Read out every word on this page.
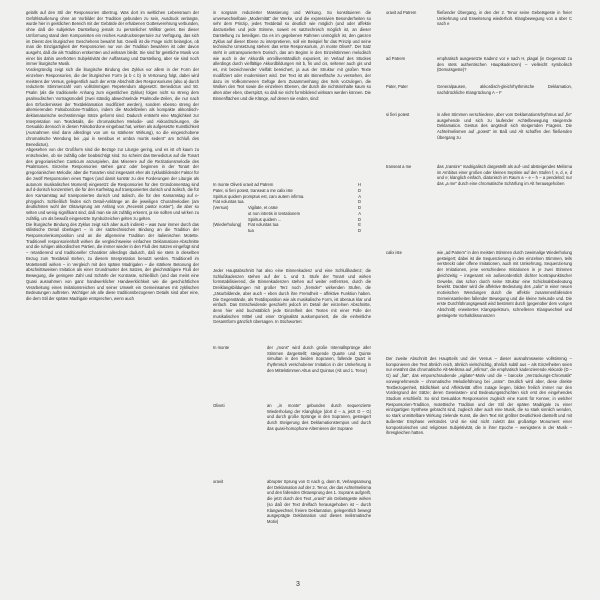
gelalls auf den Stil der Responsorien übertrug. Was dort im weltlichen Lebensraum der Gefühlsäußerung ohne an Vorbilder der Tradition gebunden zu sein, Ausdruck verlangte, wurde hier in geistlichen Bereich mit der Gebärde der erhabenen Gottesverehrung verbunden, ohne daß die subjektive Darstellung jemals zu persönlicher Willkür geriet. Bei dieser Umformung stand dem Komponisten ein reiches Ausdrucksrepertoire zur Verfügung, das sich im Dienst des liturgischen Geschehens bewahrt hat. Gewiß ist die Frage nicht belanglos, ob man die Einzigartigkeit der Responsorien nur von der Tradition bewahren ist oder davon ausgeht, daß die als Tradition entkernten und wirksam bleibt. Sie sind für geistliche Musik von einer bis dahin unerhörten Subjektivität der Auffassung und Darstellung, aber sie sind noch immer liturgische Musik.

Vordergründig zeigt sich die liturgische Bindung des Zyklus vor allem in der Form der einzelnen Responsorien, die der liturgischen Form (a b c b) in Vertonung folgt, dabei wird meistens der Versus, gelegentlich auch der erste Abschnitt des Responsoriums (also a) durch reduzierte Stimmenzahl vom vollstimmigen Repetendum abgesetzt. Benedictus und 50. Psalm (als die traditionelle Anhang zum eigentlichen Zyklus) folgen nicht so streng dem psalmodischen Vortragsmodell (zwei ständig abwechselnde Psalmodie-Zeilen, die nur nach den Erfordernissen der Textdeklamation modifiziert werden), sondern ebenso streng der alternierenden Falsobordone-Tradition, indem die Modellzeilen als kompakte akkordisch-deklamatorische sechsstimmige Sätze geformt sind. Dadurch entsteht eine Möglichkeit zur Interpretation von Textdetails, die chromatischen Melodie- und Akkordrückungen, die Gesualdo dennoch in diesen Falsobordone eingebaut hat, wirken als aufgesetzte Kunstlichkeit (Ausnahmen sind dann allerdings von um so stärkerer Wirkung), so die eingeschobene chromatische Wendung bei „qui in sensibus et umbra mortis sedent" am Schluß des Benedictus).

Abgesehen von der Großform sind die Bezüge zur Liturgie gering, und es ist oft kaum zu entscheiden, ob sie zufällig oder beabsichtigt sind. So scheint das Benedictus auf die Tonart des gregorianischen Canticum anzuspielen, das Miserere auf die Rezitationsmelodie des Psalmtones. Einzelne Responsorien stehen ganz oder beginnen in der Tonart der gregorianischen Melodie; aber die Tonarten sind insgesamt eher als zyklusbildender Faktor für die zwölf Responsorien eines Tages (und damit konträr zu den Forderungen der Liturgie als autonom musikalisches Moment) eingesetzt: die Responsorien für den Gründonnerstag sind auf d-dorisch konzentriert, die für den Karfreitag auf transponiertes dorisch und äolisch, die für den Karsamstag auf transponiertes dorisch und äolisch, die für den Karsamstag auf e-phrygisch. Schließlich finden sich Detail-Anklänge an die jeweiligen Choralmelodien (am deutlichsten wohl der Oktavsprung am Anfang von „Recessit pastor noster"), die aber so selten und wenig signifikant sind, daß man sie als zufällig erkennt, ja sie sollten und wirken zu zufällig, um als bewußt eingesetzte Symbolzeichen gelten zu gelten.

Die liturgische Bindung des Zyklus zeigt sich aber auch indirekt – was zwar immer durch das stilistische Detail überlagert – in der satztechnischen Bindung an die Tradition der Responsorienkomposition und an die allgemeine Tradition der italienischen Motette. Traditionell responsorienhaft wirken die vergleichsweise einfachen Deklamations-Abschnitte und die ruhigen akkordischen Partien, die immer wieder in den Fluß des Satzes eingefügt sind – retardierend und traditioneller Charakter allerdings dadurch, daß sie stets in dieselben Bezug zum Textdetail stehen, zu diesem Interpretation benutzt werden. Traditionell im Motettenstil wirken – in Vergleich mit den späten Madrigalen – die stärkere Betonung der abschnittsweisen Imitation als einer Grundmuster des Satzes, der gleichmäßigere Fluß der Bewegung, die geringere Zahl und Schärfe der Kontraste, schließlich (und das meint eine Quasi ausnahmen von ganz handwerklicher Handwerklichkeit wie die geschichtlichen Verarbeitung eines imitationsreichen und seiner Umwelt ein Gemeinsames mit zyklischen Bedeutungen auftreten. Wichtiger als alle diese traditionsbezogenen Details sind aber eine, die dem Stil der späten Madrigale entsprechen, wenn auch

in sorgsam reduzierter Massierung und Wirkung. So konstituieren die unverwechselbare „Modernität" der Werke, und die expressivien Besonderheiten so sehr dem Prinzip, jedes Textdetail so deutlich wie möglich (und oder affektiv darzustellen und jede Stimme, soweit es satztechnisch möglich ist, an dieser Darstellung zu beteiligen. Da es im gegebenen Rahmen unmöglich ist, den ganzen Zyklus auf dieser Ebene zu interpretieren, soll ein Beispiel für das Prinzip und seine technische Umsetzung stehen: das erste Responsorium, „In monte Oliveti". Der Satz steht in untransponiertem Dorisch, das am Beginn in den Einzelstimmen melodisch wie auch in der Akkordik unmißverständlich exponiert, im Verlauf des Stückes allerdings durch vielfältige Akkordbildungen mit b, fis und cis, seltener auch gis und es, mit bezeichnender Vielfalt bereichert, ja aus der Struktur mit großen Texte modifiziert oder modernisiert wird. Der Text ist als Binnenfläche zu verstehen, der dazu im Vollkommenen Gefüge dem Zusammenhang des Sels vorzulegen, die Wolken den Text sowie die einzelnen Ebenen, der durch die nichtsinnhalte kaum so alten aber eben, überspitzt, so daß sie nicht formbildend wirksam werden können. Die Binnenflächen und die Klänge, auf denen sie enden, sind:

In monte Oliveti oravit ad Patrem	H
Pater, si fieri potest, transeat a me calix iste	D
Spiritus quidem promptus est, caro autem infirma.	A
Fiat voluntas tua.	D
(Versus)	Vigilate, et orate	D
ut non intretis in tentationem	A
Spiritus quidem ...	D
(Wiederholung) Fiat voluntas tua	E
tua	D

Jeder Hauptabschnitt hat also eine Binnenkadenz und eine Schlußkadenz; die Schlußkadenzen stehen auf der 1. und 3. Stufe der Tonart und wirken formstabilisierend, die Binnenkadenzen stehen auf weiter entfernten, durch die Dreiklangsbildungen mit großer Terz noch „fremder" wirkenden Stufen, die „zäsurbildende, aber auch – eben durch ihre Fremdheit – affektive Funktion haben. Die Gegenstände, als Textdisposition wie als musikalische Form, ist überaus klar und einfach. Das Entscheidende geschieht jedoch im Detail der einzelnen Abschnitte, denn hier wird buchstäblich jede Einzelheit des Textes mit einer Fülle der musikalischen Mittel und einer Originalität auskomponiert, die die einheitliche Gesamtform gänzlich übersagen. In Stichworten:

In monte	der „mons" wird durch große Intervallsprünge aller Stimmen dargestellt; steigende Quarte und Quinte simultan in den beiden Sopranen, fallende Quart in rhythmisch verschobener Imitation in der Umkehrung in den Mittelstimmen Altus und Quintus (Alt und 1. Tenor)
Oliveti	an „in monte" gebunden durch sequenzierte Wiederholung der Klangfolge (dort d – a, jetzt D – G) und durch große Sprünge in den Sopranen, gesteigert durch Steigerung des Deklamationstempos und durch das quasi-homophone Alternieren der Soprane
oravit	abrupter Sprung von G nach g, dann B, Verlangsamung der Deklamation auf der 2. Tenor, der das Achtelmelisma und den fallenden Oktavsprung des 1. Soprans aufgreift, die jetzt durch den Text „oravit" als Gebetsgeste wirken (so daß der Text drelfach herausgehoben ist – durch Klangwechsel, freiere Deklamation, gelegentlich bewegt ausgeprägte Deklamation und dieses melismatische Motiv)
oravit ad Patrem	fließender Übergang, in den der 2. Tenor seine Gebetsgeste in freier Umkehrung und Erweiterung wiederholt. Klangbewegung von a über C nach e
ad Patrem	emphatisch ausgesetzte Kadenz vor e nach H, plagal (in Gegensatz zu den stets authentischen Hauptkadenzen) – vielleicht symbolisch (Demutsgeste)?
Pater, Pater	Generalpausen, akkordisch-gleichrhythmische Deklamation, nachdrückliche Klangrückung A – F
si fieri potest	in allen Stimmen verschiedene, aber vom Deklamationsrhythmus auf „fie" ausgehende und sich zu laufender Achtelbewegung steigernde Deklamation. Gestus des angstvoll sich steigernden Fragens. Die Achtelmelismen auf „potest" im Baß und Alt schaffen den fließenden Übergang zu
transeat a me	das „transire" madrigalisch dargestellt als auf- und absteigendes Melisma im Ambitus einer großen oder kleinen Septime auf den Stufen f, e, d, e, d und e; klanglich einfach, diatonisch im Raum a – e – h – a pendelnd; nur das „a me" durch eine chromatische Schärfung im Alt herausgehoben
calix iste	wie „ad Patrem" in den meisten Stimmen durch zweimalige Wiederholung gesteigert; dabei ist die Sequenzierung in den einzelnen Stimmen, teils verstreckt oder offene Imitationen, auch mit Umkehrung, Sequenzierung der Imitationen, jene verschiedene Imitationen in je zwei Stimmen gleichzeitig – insgesamt ein außerordentlich dichter kontrapunktischer Gewebe, das schon durch seine Struktur eine Schicksalsbedeutung bewirkt. Daraber wird die affektive Bedeutung des „calix" in einer neuen motivischen Wendungen durch die affektiv zusammenfallenden Gemeinsamkeiten fallender Bewegung und die kleine Sekunde und. Die erste Durchführungsgewalt wird bestimmt durch (gegenüber dem vorigen Abschnitt) erweitertes Klangspektrum, schnelleren Klangwechsel und gesteigerte Vorhaltdissonanzen

Der zweite Abschnitt des Hauptteils und der Versus – dieser ausnahmsweise vollstimmig – komponieren den Text ähnlich reich, ähnlich vielschichtig, ähnlich subtil aus – als Einzelheiten seien nur erwähnt das chromatische Alt-Melisma auf „infirma", die emphatisch kadenzierende Akkorde (D – G) auf „fiat", das emporschraubende „vigilate"-Motiv und die – barocke „Verzückungs-Chromatik" vorwegnehmende – chromatische Melodieführung bei „orate". Deutlich wird aber, diese direkte Textbezogenheit, Bildlichkeit und Affektivität offen zutage liegen, bilden freilich immer nur den Vordergrund der Sätze; deren Geselasten- und Bedeutungsschichten sich erst den eingehendes Studium erschließt. So sind Gesualdos Responsorien zugleich eine Kunst für Kenner, in welcher Responsorien-Tradition, motettische Tradition und der Stil der späten Madrigale zu einer einzigartigen Synthese gebracht sind, zugleich aber auch eine Musik, die so stark sinnlich wenden, so stark unmittelbare Wirkung zielende Kunst, die dem Text mit größter Deutlichkeit darstellt und mit äußerster Emphase verkündet. Und sie sind nicht zuletzt das großartige Monument einer kompositorischen und religiösen Subjektivität, die in ihrer Epoche – wenigstens in der Musik – ihresgleichen hatten.

3
